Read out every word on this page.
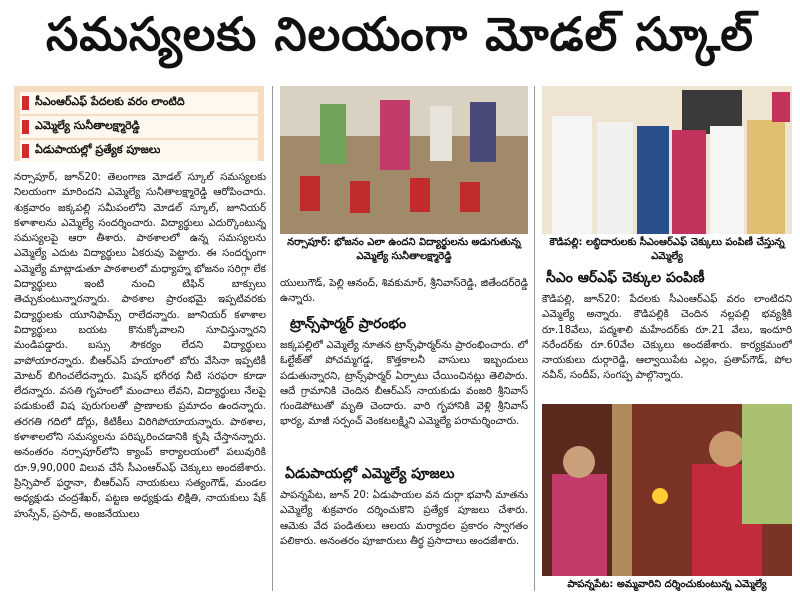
సమస్యలకు నిలయంగా మోడల్ స్కూల్
సీఎంఆర్ఎఫ్ పేదలకు వరం లాంటిది
ఎమ్మెల్యే సునీతాలక్ష్మారెడ్డి
ఏడుపాయల్లో ప్రత్యేక పూజలు

నర్సాపూర్, జూన్20: తెలంగాణ మోడల్ స్కూల్ సమస్యలకు నిలయంగా మారిందని ఎమ్మెల్యే సునీతాలక్ష్మారెడ్డి ఆరోపించారు. శుక్రవారం జక్కపల్లి సమీపంలోని మోడల్ స్కూల్, జూనియర్ కళాశాలను ఎమ్మెల్యే సందర్శించారు. విద్యార్థులు ఎదుర్కొంటున్న సమస్యలపై ఆరా తీశారు. పాఠశాలలో ఉన్న సమస్యలను ఎమ్మెల్యే ఎదుట విద్యార్థులు ఏకరువు పెట్టారు. ఈ సందర్భంగా ఎమ్మెల్యే మాట్లాడుతూ పాఠశాలలో మధ్యాహ్న భోజనం సరిగ్గా లేక విద్యార్థులు ఇంటి నుంచి టిఫిన్ బాక్సులు తెచ్చుకుంటున్నారన్నారు. పాఠశాల ప్రారంభమై ఇప్పటివరకు విద్యార్థులకు యూనిఫామ్స్ రాలేదన్నారు. జూనియర్ కళాశాల విద్యార్థులు బయట కొనుక్కోవాలని సూచిస్తున్నారని మండిపడ్డారు. బస్సు సౌకర్యం లేదని విద్యార్థులు వాపోయారన్నారు. బీఆర్ఎస్ హయాంలో బోరు వేసినా ఇప్పటికీ మోటర్ బిగించలేదన్నారు. మిషన్ భగీరథ నీటి సరఫరా కూడా లేదన్నారు. వసతి గృహంలో మంచాలు లేవని, విద్యార్థులు నేలపై పడుకుంటే విష పురుగులతో ప్రాణాలకు ప్రమాదం ఉందన్నారు. తరగతి గదిలో డోర్లు, కిటికీలు విరిగిపోయాయన్నారు. పాఠశాల, కళాశాలలోని సమస్యలను పరిష్కరించడానికి కృషి చేస్తానన్నారు. అనంతరం నర్సాపూర్‌లోని క్యాంప్ కార్యాలయంలో పలువురికి రూ.9,90,000 విలువ చేసే సీఎంఆర్ఎఫ్ చెక్కులు అందజేశారు. ప్రిన్సిపాల్ ఫర్హానా, బీఆర్ఎస్ నాయకులు సత్యంగౌడ్, మండల అధ్యక్షుడు చంద్రశేఖర్, పట్టణ అధ్యక్షుడు లిక్షితి, నాయకులు షేక్ హుస్సేన్, ప్రసాద్, అంజనేయులు

నర్సాపూర్: భోజనం ఎలా ఉందని విద్యార్థులను అడుగుతున్న ఎమ్మెల్యే సునీతాలక్ష్మారెడ్డి

యులుగౌడ్, పెల్లి ఆనంద్, శివకుమార్, శ్రీనివాస్‌రెడ్డి, జితేందర్‌రెడ్డి ఉన్నారు.

ట్రాన్స్‌ఫార్మర్ ప్రారంభం

జక్కపల్లిలో ఎమ్మెల్యే నూతన ట్రాన్స్‌ఫార్మర్‌ను ప్రారంభించారు. లో ఓల్టేజ్‌తో పోచమ్మగడ్డ, కొత్తకాలనీ వాసులు ఇబ్బందులు పడుతున్నారని, ట్రాన్స్‌ఫార్మర్ ఏర్పాటు చేయించినట్లు తెలిపారు. ఆదే గ్రామానికి చెందిన బీఆర్ఎస్ నాయకుడు వంజరి శ్రీనివాస్ గుండెపోటుతో మృతి చెందారు. వారి గృహానికి వెళ్లి శ్రీనివాస్ భార్య, మాజీ సర్పంచ్ వెంకటలక్ష్మిని ఎమ్మెల్యే పరామర్శించారు.

ఏడుపాయల్లో ఎమ్మెల్యే పూజలు

పాపన్నపేట, జూన్ 20: ఏడుపాయల వన దుర్గా భవానీ మాతను ఎమ్మెల్యే శుక్రవారం దర్శించుకొని ప్రత్యేక పూజలు చేశారు. ఆమెకు వేద పండితులు ఆలయ మర్యాదల ప్రకారం స్వాగతం పలికారు. అనంతరం పూజారులు తీర్థ ప్రసాదాలు అందజేశారు.

కౌడిపల్లి: లబ్ధిదారులకు సీఎంఆర్ఎఫ్ చెక్కులు పంపిణీ చేస్తున్న ఎమ్మెల్యే
సీఎం ఆర్ఎఫ్ చెక్కుల పంపిణీ

కౌడిపల్లి, జూన్20: పేదలకు సీఎంఆర్ఎఫ్ వరం లాంటిదని ఎమ్మెల్యే అన్నారు. కౌడిపల్లికి చెందిన నల్లపల్లి భవ్యశ్రీకి రూ.18వేలు, పద్మశాలి మహేందర్‌కు రూ.21 వేలు, ఇందూరి నరేందర్‌కు రూ.60వేల చెక్కులు అందజేశారు. కార్యక్రమంలో నాయకులు దుర్గారెడ్డి, ఆల్వాయిపేట ఎల్లం, ప్రతాప్‌గౌడ్, పోల నవీన్, సందీప్, సంగప్ప పాల్గొన్నారు.

పాపన్నపేట: అమ్మవారిని దర్శించుకుంటున్న ఎమ్మెల్యే
